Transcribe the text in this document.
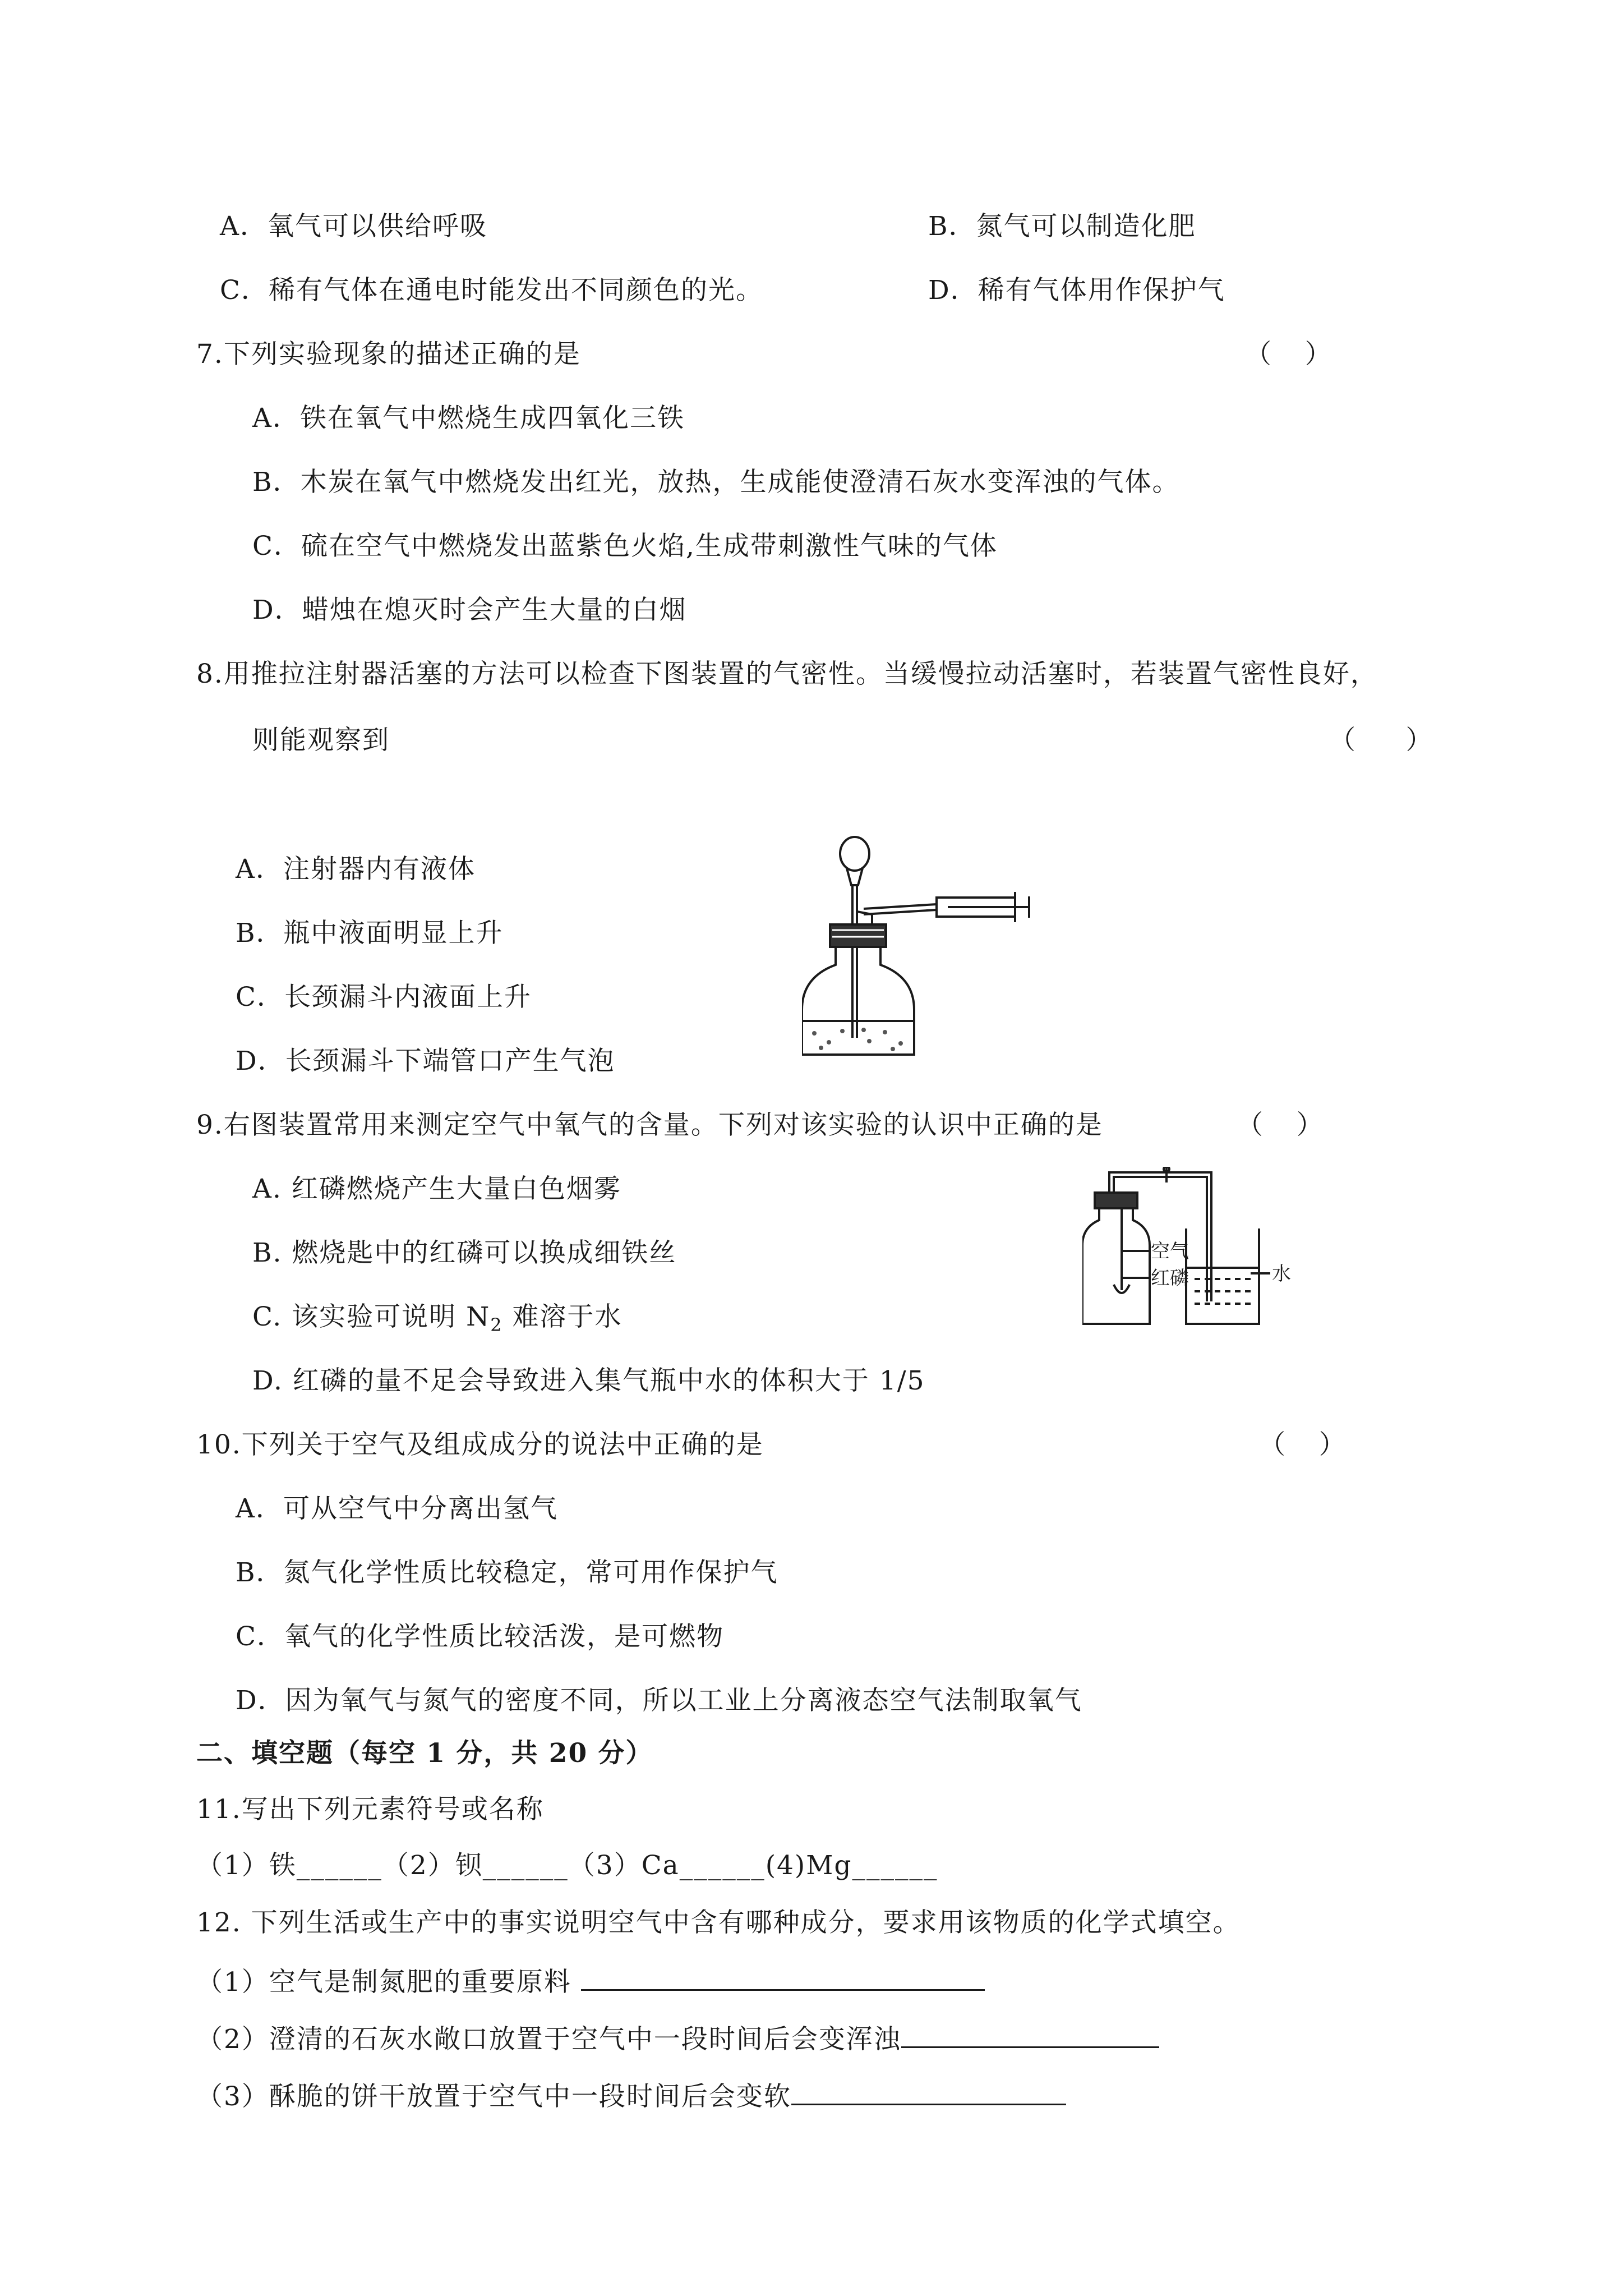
A．氧气可以供给呼吸	B．氮气可以制造化肥
C．稀有气体在通电时能发出不同颜色的光。	D．稀有气体用作保护气
7.下列实验现象的描述正确的是	（    ）
A．铁在氧气中燃烧生成四氧化三铁
B．木炭在氧气中燃烧发出红光，放热，生成能使澄清石灰水变浑浊的气体。
C．硫在空气中燃烧发出蓝紫色火焰,生成带刺激性气味的气体
D．蜡烛在熄灭时会产生大量的白烟
8.用推拉注射器活塞的方法可以检查下图装置的气密性。当缓慢拉动活塞时，若装置气密性良好，
则能观察到	（      ）
A．注射器内有液体
B．瓶中液面明显上升
C．长颈漏斗内液面上升
D．长颈漏斗下端管口产生气泡
9.右图装置常用来测定空气中氧气的含量。下列对该实验的认识中正确的是	（    ）
A. 红磷燃烧产生大量白色烟雾
B. 燃烧匙中的红磷可以换成细铁丝
C. 该实验可说明 $N_2$ 难溶于水
D. 红磷的量不足会导致进入集气瓶中水的体积大于 1/5
空气
红磷	水
10.下列关于空气及组成成分的说法中正确的是	（    ）
A．可从空气中分离出氢气
B．氮气化学性质比较稳定，常可用作保护气
C．氧气的化学性质比较活泼，是可燃物
D．因为氧气与氮气的密度不同，所以工业上分离液态空气法制取氧气
二、填空题（每空 1 分，共 20 分）
11.写出下列元素符号或名称
（1）铁______（2）钡______（3）Ca______(4)Mg______
12. 下列生活或生产中的事实说明空气中含有哪种成分，要求用该物质的化学式填空。
（1）空气是制氮肥的重要原料
（2）澄清的石灰水敞口放置于空气中一段时间后会变浑浊
（3）酥脆的饼干放置于空气中一段时间后会变软
